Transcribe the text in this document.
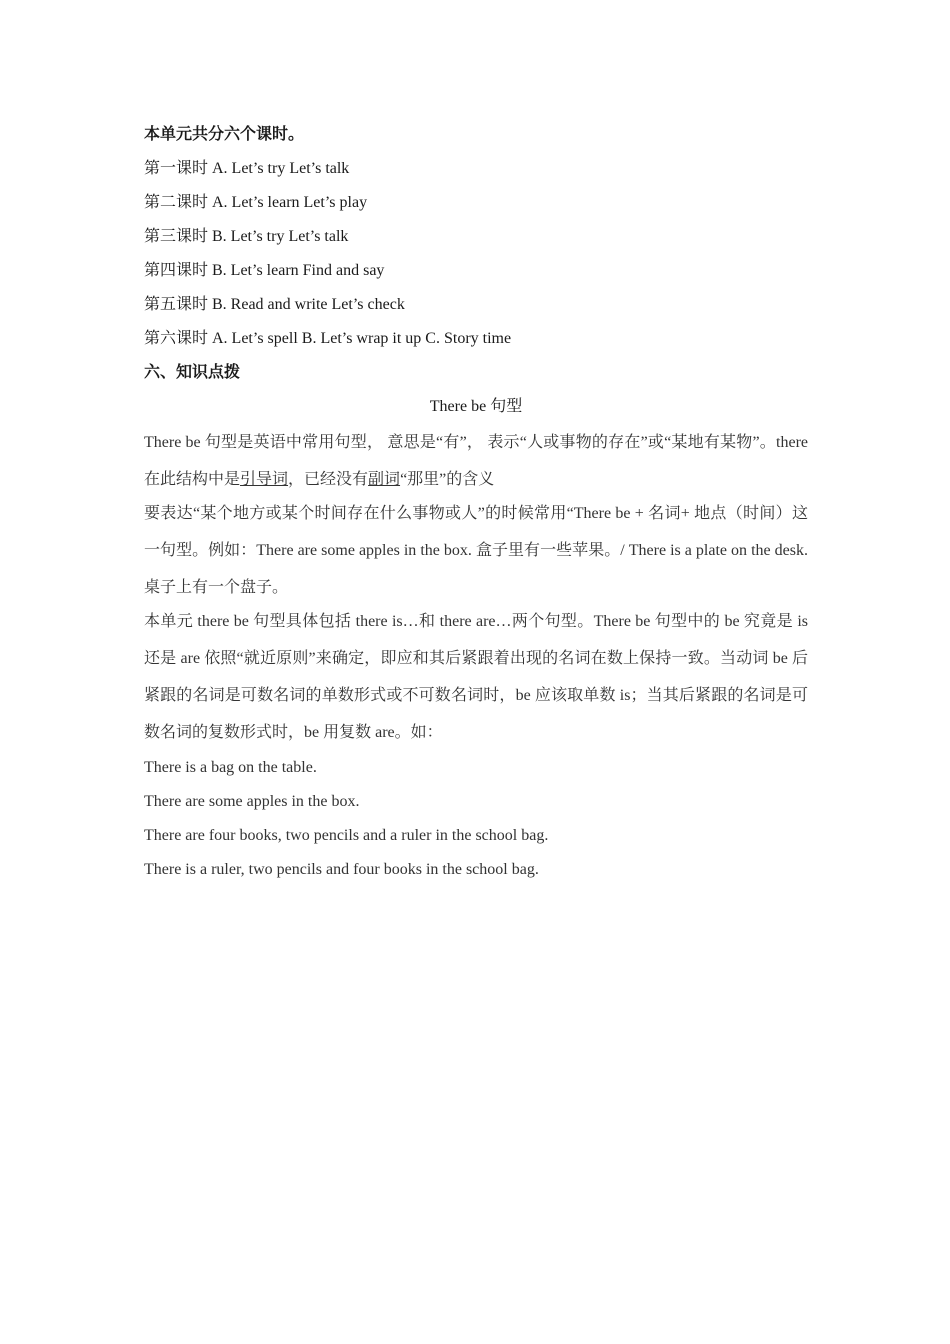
本单元共分六个课时。
第一课时 A. Let’s try Let’s talk
第二课时 A. Let’s learn Let’s play
第三课时 B. Let’s try Let’s talk
第四课时 B. Let’s learn Find and say
第五课时 B. Read and write Let’s check
第六课时 A. Let’s spell B. Let’s wrap it up C. Story time
六、知识点拨
There be 句型

There be 句型是英语中常用句型， 意思是“有”， 表示“人或事物的存在”或“某地有某物”。there 在此结构中是引导词，已经没有副词“那里”的含义

要表达“某个地方或某个时间存在什么事物或人”的时候常用“There be + 名词+ 地点（时间）这一句型。例如：There are some apples in the box. 盒子里有一些苹果。/ There is a plate on the desk. 桌子上有一个盘子。

本单元 there be 句型具体包括 there is…和 there are…两个句型。There be 句型中的 be 究竟是 is 还是 are 依照“就近原则”来确定，即应和其后紧跟着出现的名词在数上保持一致。当动词 be 后紧跟的名词是可数名词的单数形式或不可数名词时，be 应该取单数 is；当其后紧跟的名词是可数名词的复数形式时，be 用复数 are。如：

There is a bag on the table.
There are some apples in the box.
There are four books, two pencils and a ruler in the school bag.
There is a ruler, two pencils and four books in the school bag.
